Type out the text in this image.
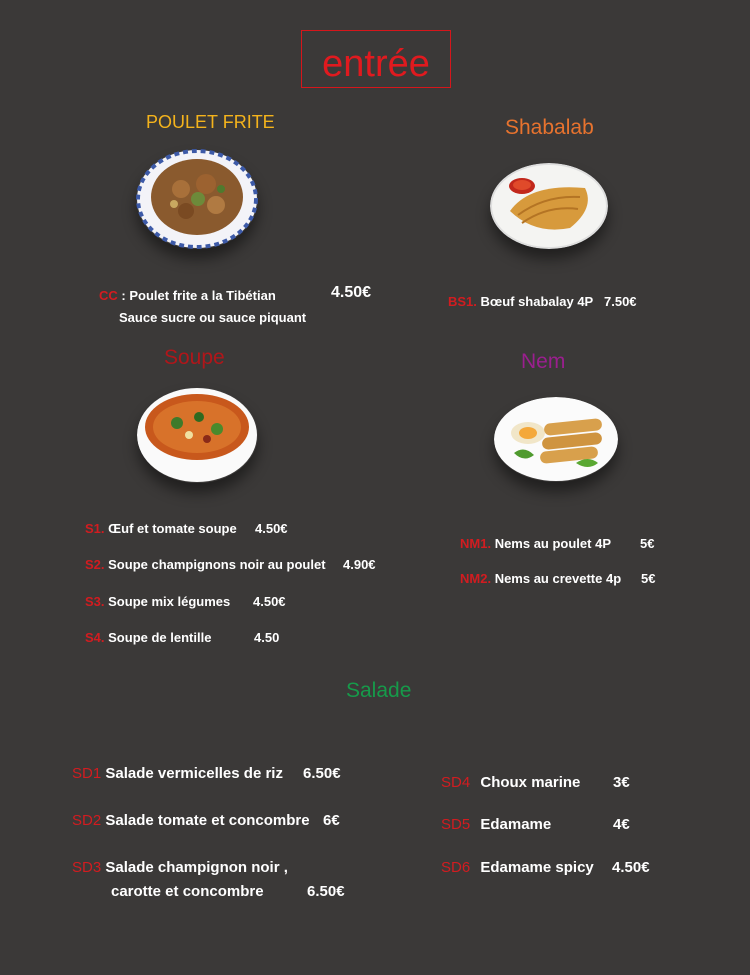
entrée
POULET FRITE
CC : Poulet frite a la Tibétian	4.50€
Sauce sucre ou sauce piquant
Shabalab
BS1. Bœuf shabalay 4P 7.50€
Soupe
S1. Œuf et tomate soupe 4.50€
S2. Soupe champignons noir au poulet 4.90€
S3. Soupe mix légumes 4.50€
S4. Soupe de lentille	4.50
Nem
NM1. Nems au poulet 4P 5€
NM2. Nems au crevette 4p 5€
Salade
SD1 Salade vermicelles de riz 6.50€
SD2 Salade tomate et concombre 6€
SD3 Salade champignon noir ,
carotte et concombre	6.50€
SD4 Choux marine 3€
SD5 Edamame	4€
SD6 Edamame spicy 4.50€
